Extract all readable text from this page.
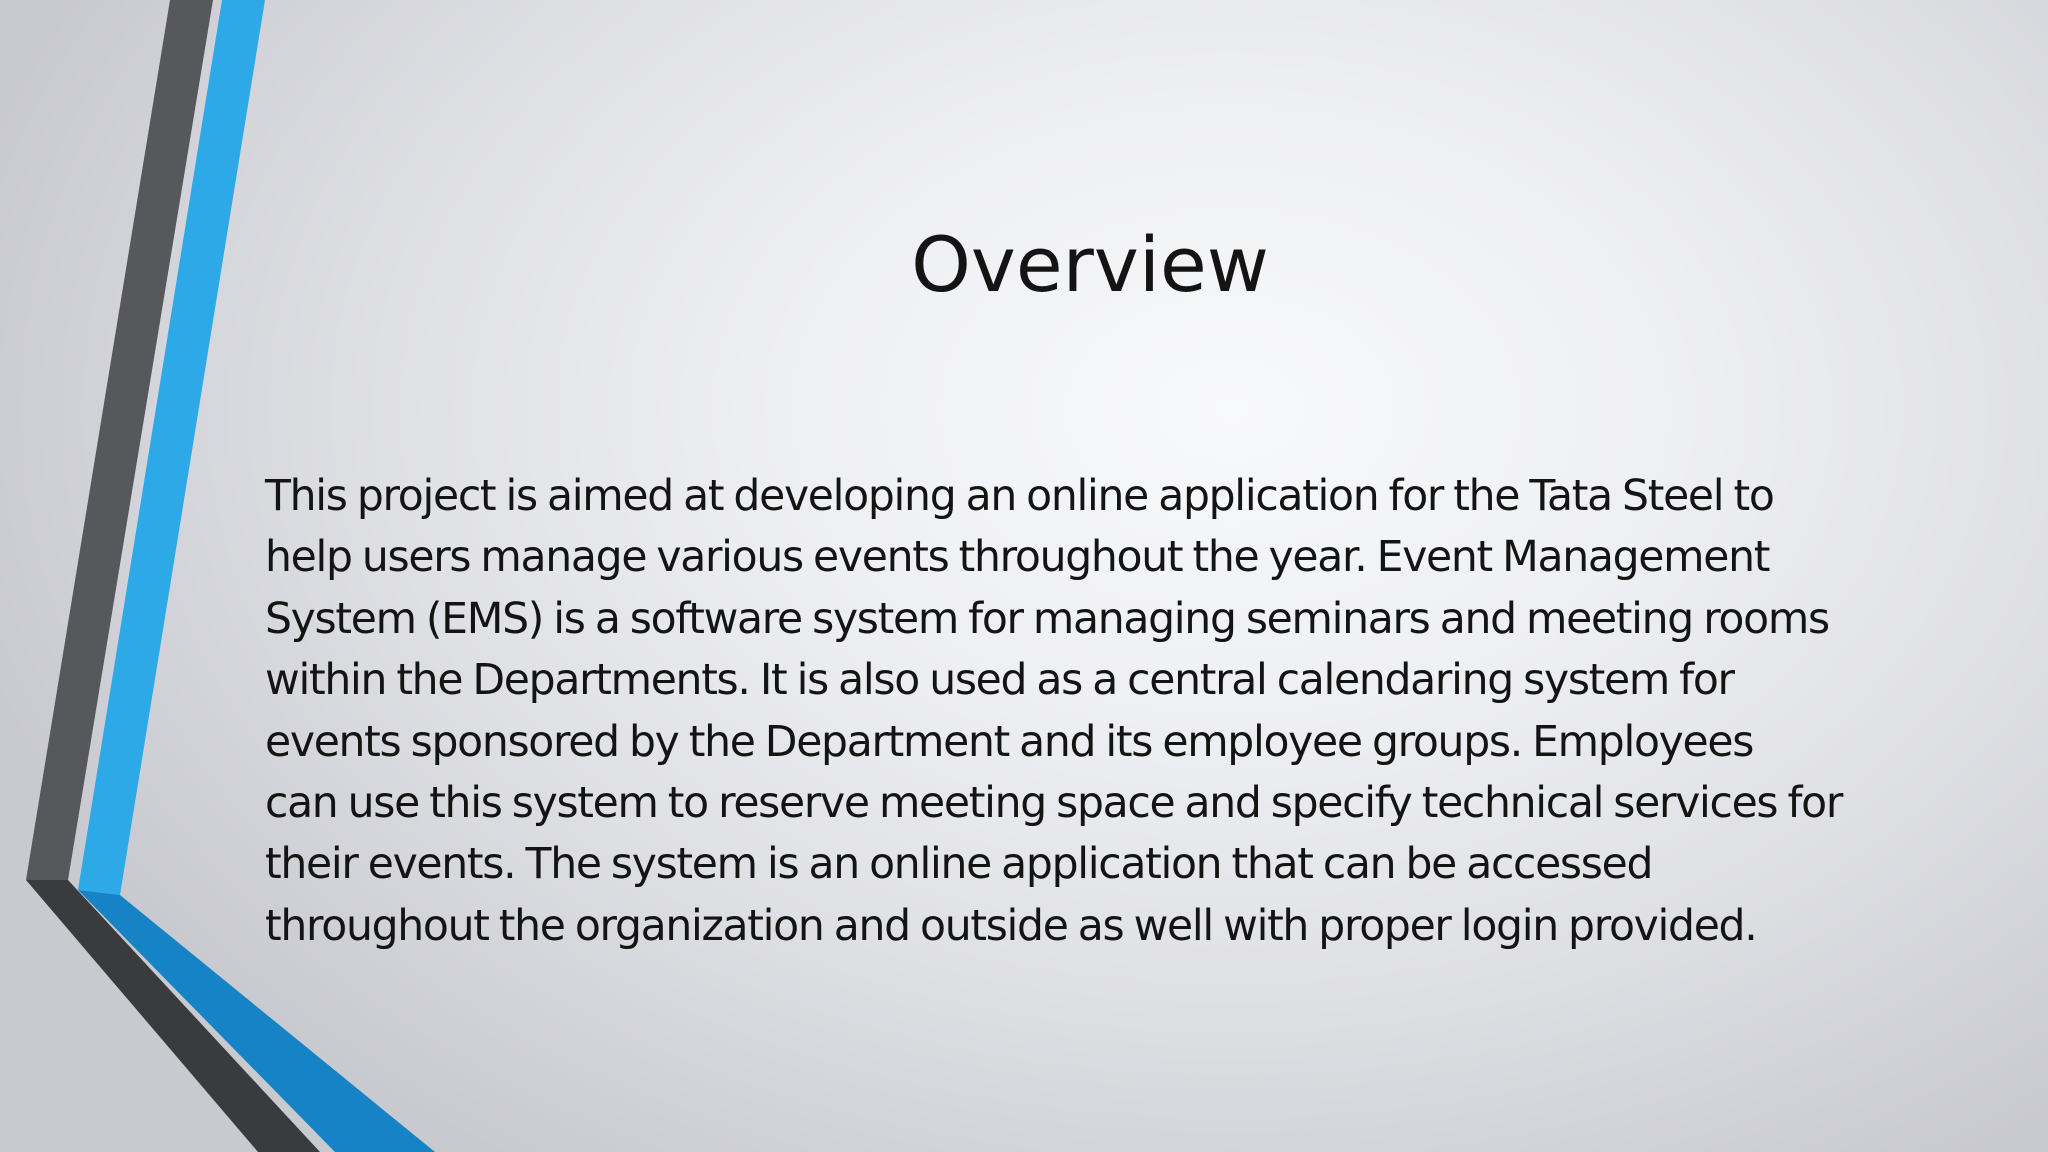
Overview

This project is aimed at developing an online application for the Tata Steel to
help users manage various events throughout the year. Event Management
System (EMS) is a software system for managing seminars and meeting rooms
within the Departments. It is also used as a central calendaring system for
events sponsored by the Department and its employee groups. Employees
can use this system to reserve meeting space and specify technical services for
their events. The system is an online application that can be accessed
throughout the organization and outside as well with proper login provided.
